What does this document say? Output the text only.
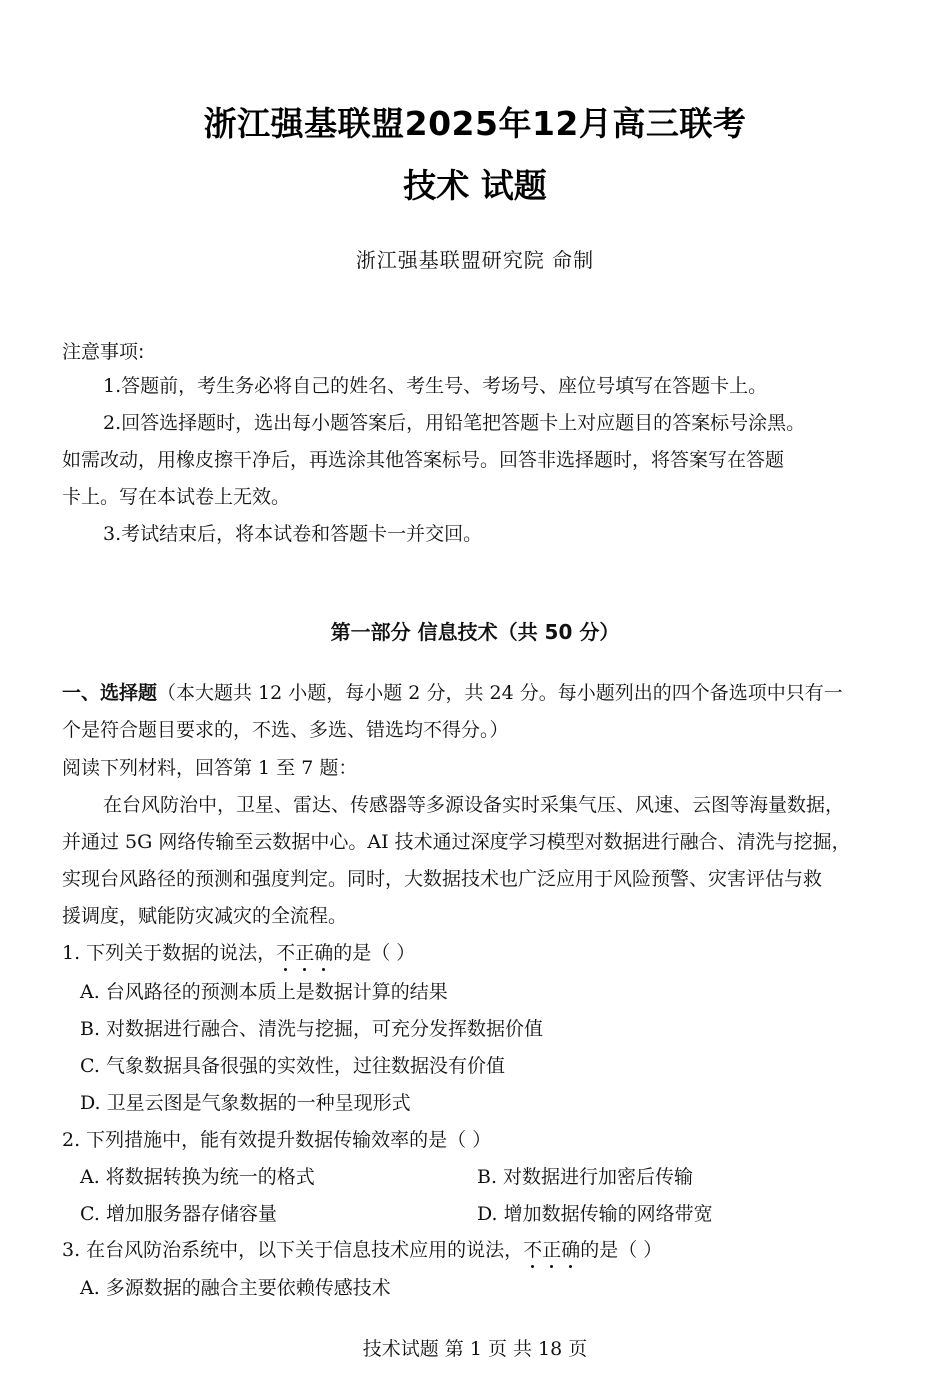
浙江强基联盟2025年12月高三联考
技术 试题
浙江强基联盟研究院 命制
注意事项:
1.答题前，考生务必将自己的姓名、考生号、考场号、座位号填写在答题卡上。
2.回答选择题时，选出每小题答案后，用铅笔把答题卡上对应题目的答案标号涂黑。
如需改动，用橡皮擦干净后，再选涂其他答案标号。回答非选择题时，将答案写在答题
卡上。写在本试卷上无效。
3.考试结束后，将本试卷和答题卡一并交回。
第一部分 信息技术（共 50 分）
一、选择题（本大题共 12 小题，每小题 2 分，共 24 分。每小题列出的四个备选项中只有一
个是符合题目要求的，不选、多选、错选均不得分。）
阅读下列材料，回答第 1 至 7 题：
在台风防治中，卫星、雷达、传感器等多源设备实时采集气压、风速、云图等海量数据，
并通过 5G 网络传输至云数据中心。AI 技术通过深度学习模型对数据进行融合、清洗与挖掘，
实现台风路径的预测和强度判定。同时，大数据技术也广泛应用于风险预警、灾害评估与救
援调度，赋能防灾减灾的全流程。
1. 下列关于数据的说法，不正确的是（ ）
A. 台风路径的预测本质上是数据计算的结果
B. 对数据进行融合、清洗与挖掘，可充分发挥数据价值
C. 气象数据具备很强的实效性，过往数据没有价值
D. 卫星云图是气象数据的一种呈现形式
2. 下列措施中，能有效提升数据传输效率的是（ ）
A. 将数据转换为统一的格式	B. 对数据进行加密后传输
C. 增加服务器存储容量	D. 增加数据传输的网络带宽
3. 在台风防治系统中，以下关于信息技术应用的说法，不正确的是（ ）
A. 多源数据的融合主要依赖传感技术
技术试题 第 1 页 共 18 页
